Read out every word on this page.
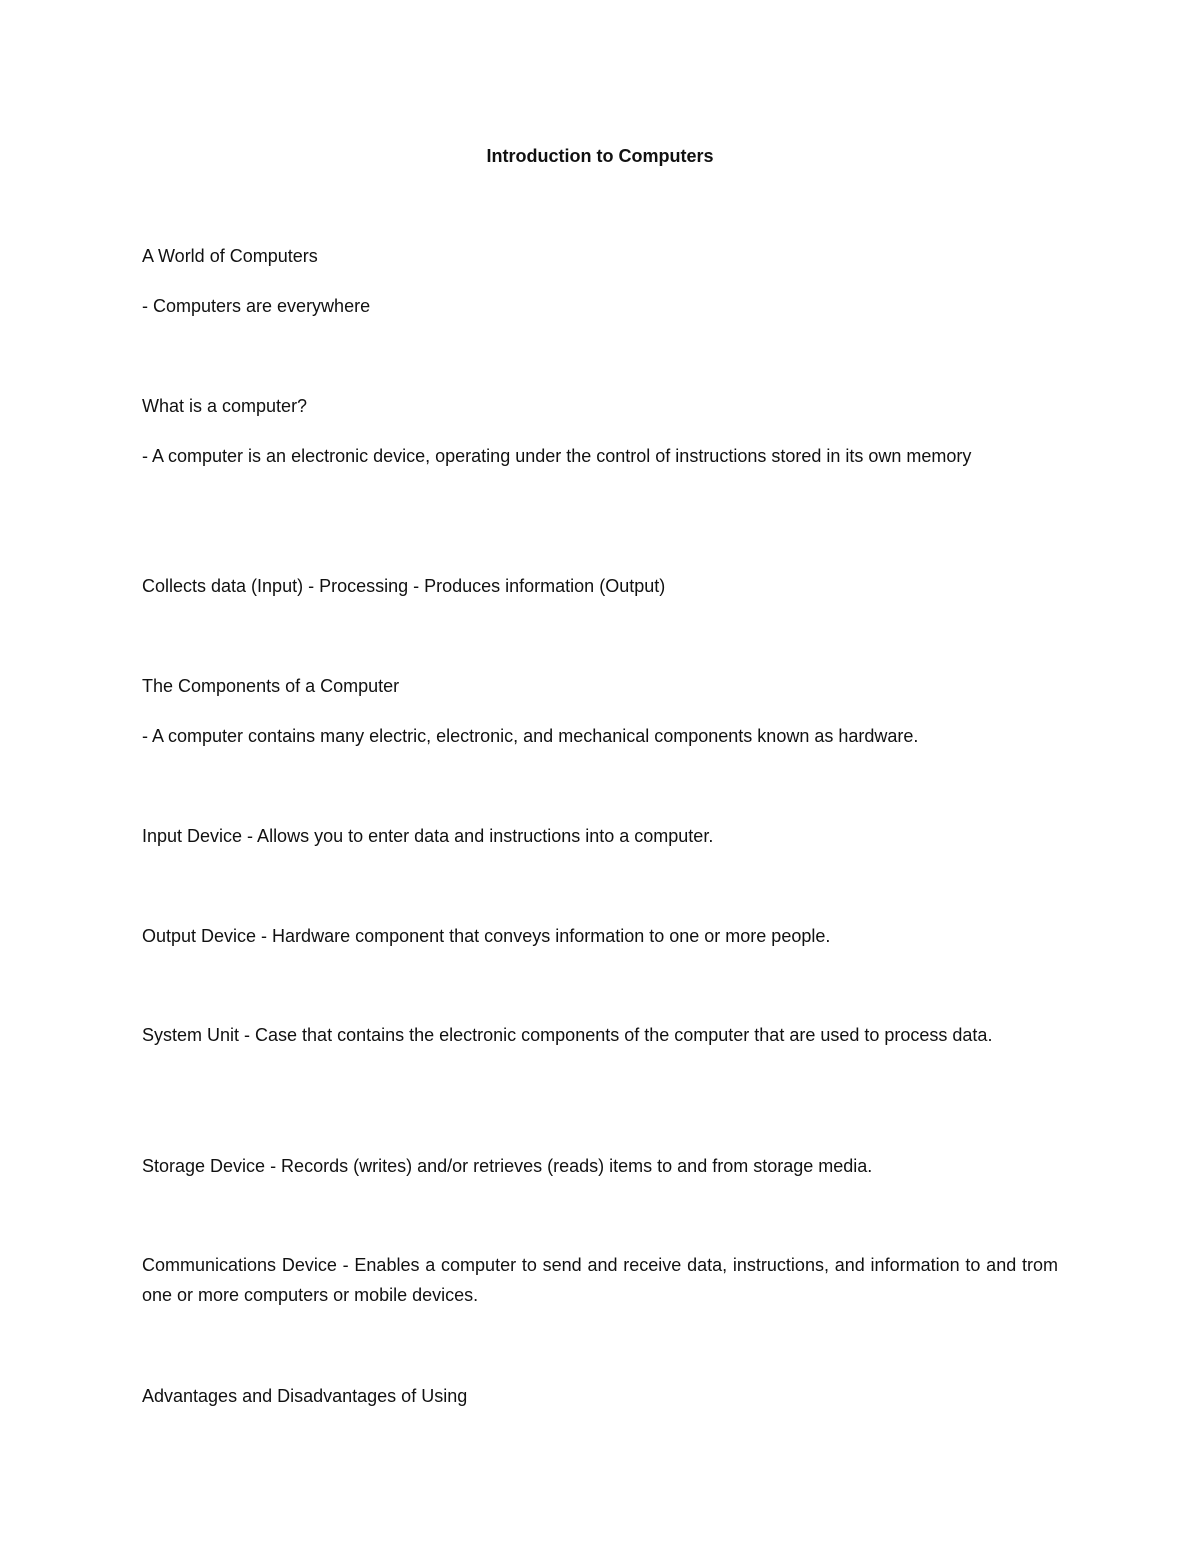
Introduction to Computers

A World of Computers

- Computers are everywhere

What is a computer?

- A computer is an electronic device, operating under the control of instructions stored in its own memory

Collects data (Input) - Processing - Produces information (Output)

The Components of a Computer

- A computer contains many electric, electronic, and mechanical components known as hardware.

Input Device - Allows you to enter data and instructions into a computer.

Output Device - Hardware component that conveys information to one or more people.

System Unit - Case that contains the electronic components of the computer that are used to process data.

Storage Device - Records (writes) and/or retrieves (reads) items to and from storage media.

Communications Device - Enables a computer to send and receive data, instructions, and information to and trom one or more computers or mobile devices.

Advantages and Disadvantages of Using
